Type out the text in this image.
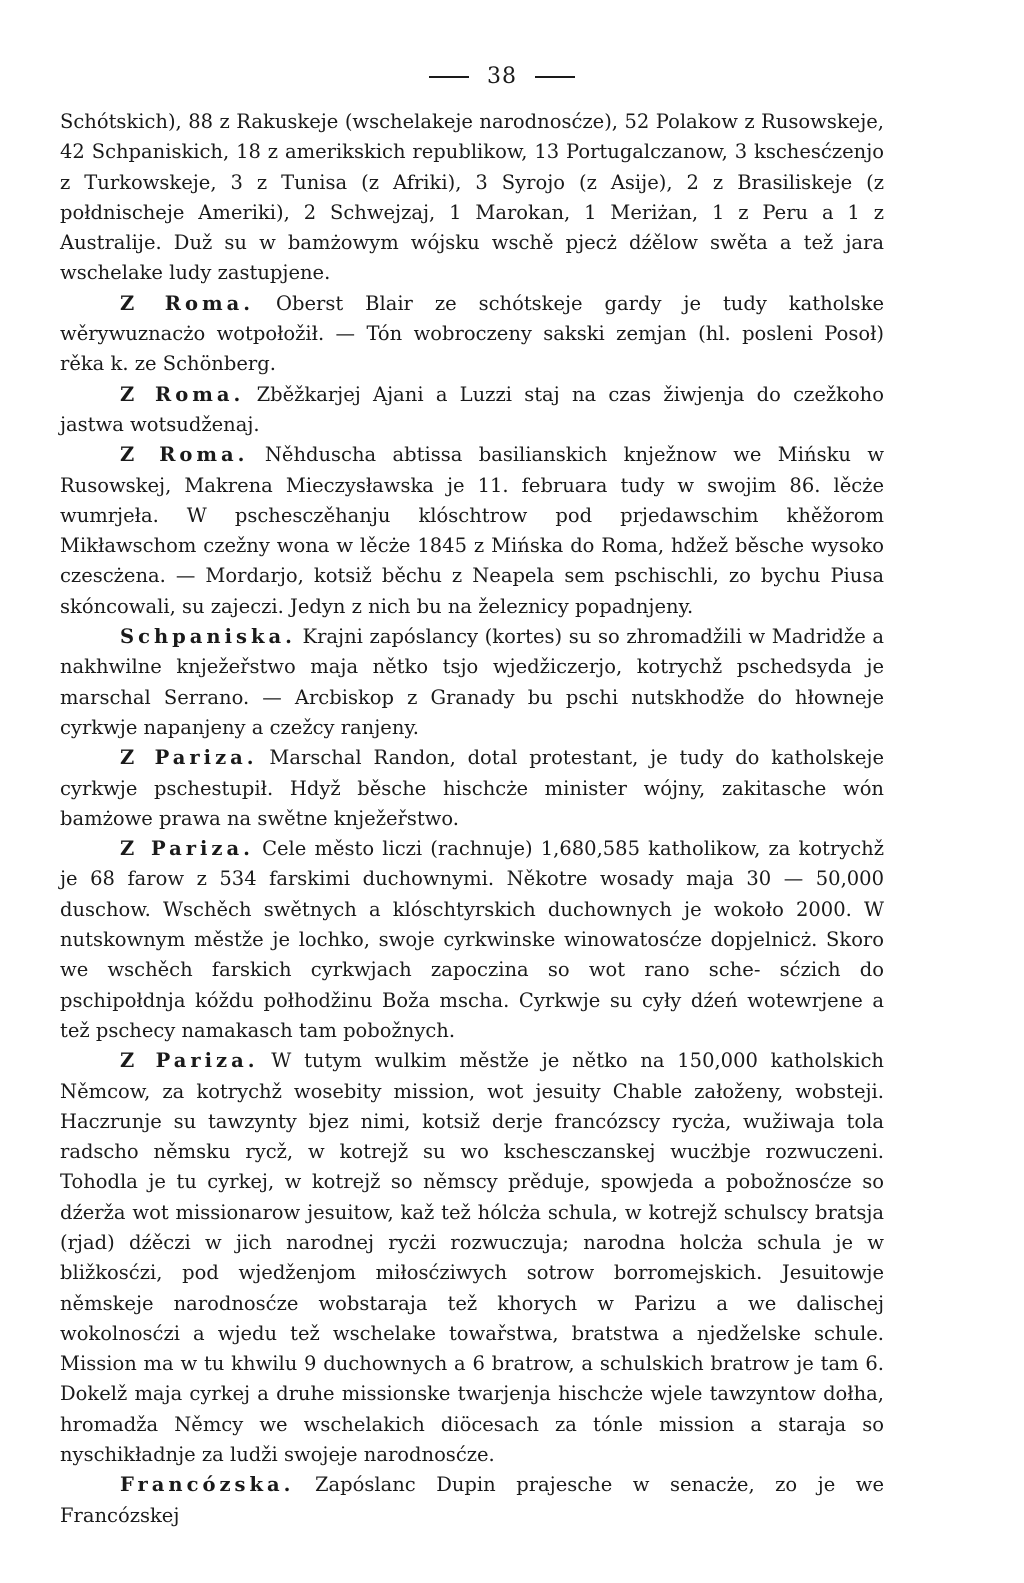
38

Schótskich), 88 z Rakuskeje (wschelakeje narodnosćze), 52 Polakow z Rusowskeje, 42 Schpaniskich, 18 z amerikskich republikow, 13 Portugalczanow, 3 kschesćzenjo z Turkowskeje, 3 z Tunisa (z Afriki), 3 Syrojo (z Asije), 2 z Brasiliskeje (z połdnischeje Ameriki), 2 Schwejzaj, 1 Marokan, 1 Meriżan, 1 z Peru a 1 z Australije. Duž su w bamżowym wójsku wschě pjecż dźělow swěta a tež jara wschelake ludy zastupjene.

Z Roma. Oberst Blair ze schótskeje gardy je tudy katholske wěrywuznacżo wotpołožił. — Tón wobroczeny sakski zemjan (hl. posleni Posoł) rěka k. ze Schönberg.

Z Roma. Zběžkarjej Ajani a Luzzi staj na czas žiwjenja do czežkoho jastwa wotsudženaj.

Z Roma. Něhduscha abtissa basilianskich knježnow we Mińsku w Rusowskej, Makrena Mieczysławska je 11. februara tudy w swojim 86. lěcże wumrjeła. W pschesczěhanju klóschtrow pod prjedawschim khěžorom Mikławschom czežny wona w lěcże 1845 z Mińska do Roma, hdžež běsche wysoko czescżena. — Mordarjo, kotsiž běchu z Neapela sem pschischli, zo bychu Piusa skóncowali, su zajeczi. Jedyn z nich bu na železnicy popadnjeny.

Schpaniska. Krajni zapóslancy (kortes) su so zhromadžili w Madridže a nakhwilne knježeřstwo maja nětko tsjo wjedžiczerjo, kotrychž pschedsyda je marschal Serrano. — Arcbiskop z Granady bu pschi nutskhodže do hłowneje cyrkwje napanjeny a czežcy ranjeny.

Z Pariza. Marschal Randon, dotal protestant, je tudy do katholskeje cyrkwje pschestupił. Hdyž běsche hischcże minister wójny, zakitasche wón bamżowe prawa na swětne knježeřstwo.

Z Pariza. Cele město liczi (rachnuje) 1,680,585 katholikow, za kotrychž je 68 farow z 534 farskimi duchownymi. Někotre wosady maja 30 — 50,000 duschow. Wschěch swětnych a klóschtyrskich duchownych je wokoło 2000. W nutskownym městže je lochko, swoje cyrkwinske winowatosćze dopjelnicż. Skoro we wschěch farskich cyrkwjach zapoczina so wot rano sche- sćzich do pschipołdnja kóždu połhodžinu Boža mscha. Cyrkwje su cyły dźeń wotewrjene a tež pschecy namakasch tam pobožnych.

Z Pariza. W tutym wulkim městže je nětko na 150,000 katholskich Němcow, za kotrychž wosebity mission, wot jesuity Chable załoženy, wobsteji. Haczrunje su tawzynty bjez nimi, kotsiž derje francózscy rycża, wužiwaja tola radscho němsku rycž, w kotrejž su wo kschesczanskej wucżbje rozwuczeni. Tohodla je tu cyrkej, w kotrejž so němscy prěduje, spowjeda a pobožnosćze so dźerža wot missionarow jesuitow, kaž tež hólcża schula, w kotrejž schulscy bratsja (rjad) dźěczi w jich narodnej rycżi rozwuczuja; narodna holcża schula je w bližkosćzi, pod wjedženjom miłosćziwych sotrow borromejskich. Jesuitowje němskeje narodnosćze wobstaraja tež khorych w Parizu a we dalischej wokolnosćzi a wjedu tež wschelake towařstwa, bratstwa a njedželske schule. Mission ma w tu khwilu 9 duchownych a 6 bratrow, a schulskich bratrow je tam 6. Dokelž maja cyrkej a druhe missionske twarjenja hischcże wjele tawzyntow dołha, hromadža Němcy we wschelakich diöcesach za tónle mission a staraja so nyschikładnje za ludži swojeje narodnosćze.

Francózska. Zapóslanc Dupin prajesche w senacże, zo je we Francózskej
